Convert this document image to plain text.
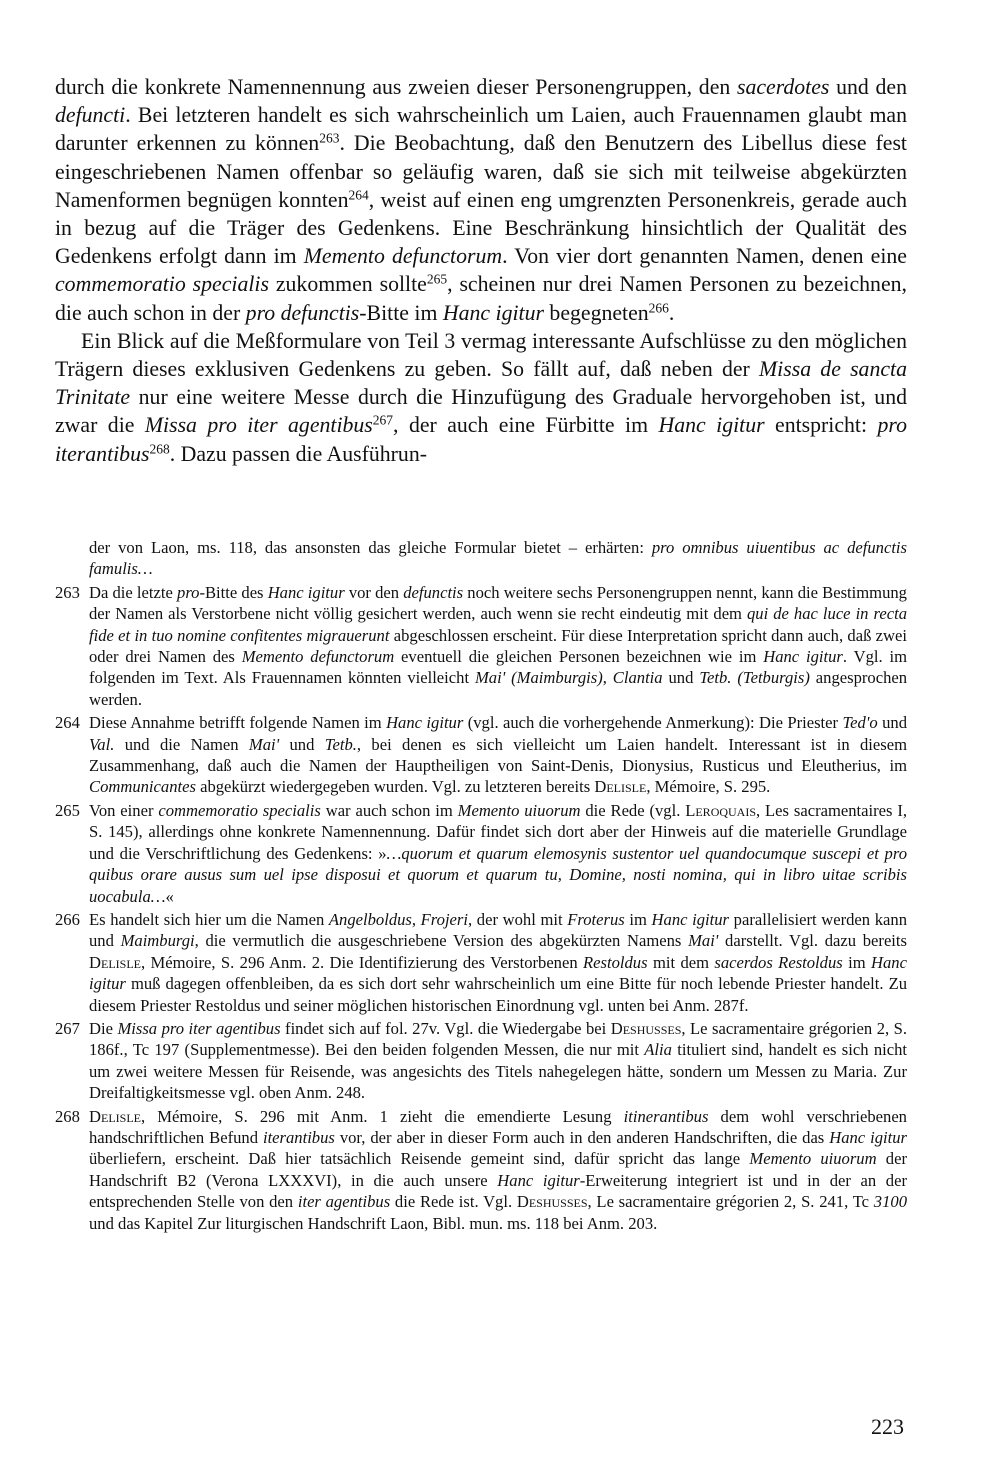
durch die konkrete Namennennung aus zweien dieser Personengruppen, den sacerdotes und den defuncti. Bei letzteren handelt es sich wahrscheinlich um Laien, auch Frauennamen glaubt man darunter erkennen zu können$^{263}$. Die Beobachtung, daß den Benutzern des Libellus diese fest eingeschriebenen Namen offenbar so geläufig waren, daß sie sich mit teilweise abgekürzten Namenformen begnügen konnten$^{264}$, weist auf einen eng umgrenzten Personenkreis, gerade auch in bezug auf die Träger des Gedenkens. Eine Beschränkung hinsichtlich der Qualität des Gedenkens erfolgt dann im Memento defunctorum. Von vier dort genannten Namen, denen eine commemoratio specialis zukommen sollte$^{265}$, scheinen nur drei Namen Personen zu bezeichnen, die auch schon in der pro defunctis-Bitte im Hanc igitur begegneten$^{266}$.

Ein Blick auf die Meßformulare von Teil 3 vermag interessante Aufschlüsse zu den möglichen Trägern dieses exklusiven Gedenkens zu geben. So fällt auf, daß neben der Missa de sancta Trinitate nur eine weitere Messe durch die Hinzufügung des Graduale hervorgehoben ist, und zwar die Missa pro iter agentibus$^{267}$, der auch eine Fürbitte im Hanc igitur entspricht: pro iterantibus$^{268}$. Dazu passen die Ausführun-

der von Laon, ms. 118, das ansonsten das gleiche Formular bietet – erhärten: pro omnibus uiuentibus ac defunctis famulis…
263 Da die letzte pro-Bitte des Hanc igitur vor den defunctis noch weitere sechs Personengruppen nennt, kann die Bestimmung der Namen als Verstorbene nicht völlig gesichert werden, auch wenn sie recht eindeutig mit dem qui de hac luce in recta fide et in tuo nomine confitentes migrauerunt abgeschlossen erscheint. Für diese Interpretation spricht dann auch, daß zwei oder drei Namen des Memento defunctorum eventuell die gleichen Personen bezeichnen wie im Hanc igitur. Vgl. im folgenden im Text. Als Frauennamen könnten vielleicht Mai' (Maimburgis), Clantia und Tetb. (Tetburgis) angesprochen werden.
264 Diese Annahme betrifft folgende Namen im Hanc igitur (vgl. auch die vorhergehende Anmerkung): Die Priester Ted'o und Val. und die Namen Mai' und Tetb., bei denen es sich vielleicht um Laien handelt. Interessant ist in diesem Zusammenhang, daß auch die Namen der Hauptheiligen von Saint-Denis, Dionysius, Rusticus und Eleutherius, im Communicantes abgekürzt wiedergegeben wurden. Vgl. zu letzteren bereits Delisle, Mémoire, S. 295.
265 Von einer commemoratio specialis war auch schon im Memento uiuorum die Rede (vgl. Leroquais, Les sacramentaires I, S. 145), allerdings ohne konkrete Namennennung. Dafür findet sich dort aber der Hinweis auf die materielle Grundlage und die Verschriftlichung des Gedenkens: »…quorum et quarum elemosynis sustentor uel quandocumque suscepi et pro quibus orare ausus sum uel ipse disposui et quorum et quarum tu, Domine, nosti nomina, qui in libro uitae scribis uocabula…«
266 Es handelt sich hier um die Namen Angelboldus, Frojeri, der wohl mit Froterus im Hanc igitur parallelisiert werden kann und Maimburgi, die vermutlich die ausgeschriebene Version des abgekürzten Namens Mai' darstellt. Vgl. dazu bereits Delisle, Mémoire, S. 296 Anm. 2. Die Identifizierung des Verstorbenen Restoldus mit dem sacerdos Restoldus im Hanc igitur muß dagegen offenbleiben, da es sich dort sehr wahrscheinlich um eine Bitte für noch lebende Priester handelt. Zu diesem Priester Restoldus und seiner möglichen historischen Einordnung vgl. unten bei Anm. 287f.
267 Die Missa pro iter agentibus findet sich auf fol. 27v. Vgl. die Wiedergabe bei Deshusses, Le sacramentaire grégorien 2, S. 186f., Tc 197 (Supplementmesse). Bei den beiden folgenden Messen, die nur mit Alia tituliert sind, handelt es sich nicht um zwei weitere Messen für Reisende, was angesichts des Titels nahegelegen hätte, sondern um Messen zu Maria. Zur Dreifaltigkeitsmesse vgl. oben Anm. 248.
268 Delisle, Mémoire, S. 296 mit Anm. 1 zieht die emendierte Lesung itinerantibus dem wohl verschriebenen handschriftlichen Befund iterantibus vor, der aber in dieser Form auch in den anderen Handschriften, die das Hanc igitur überliefern, erscheint. Daß hier tatsächlich Reisende gemeint sind, dafür spricht das lange Memento uiuorum der Handschrift B2 (Verona LXXXVI), in die auch unsere Hanc igitur-Erweiterung integriert ist und in der an der entsprechenden Stelle von den iter agentibus die Rede ist. Vgl. Deshusses, Le sacramentaire grégorien 2, S. 241, Tc 3100 und das Kapitel Zur liturgischen Handschrift Laon, Bibl. mun. ms. 118 bei Anm. 203.
223
